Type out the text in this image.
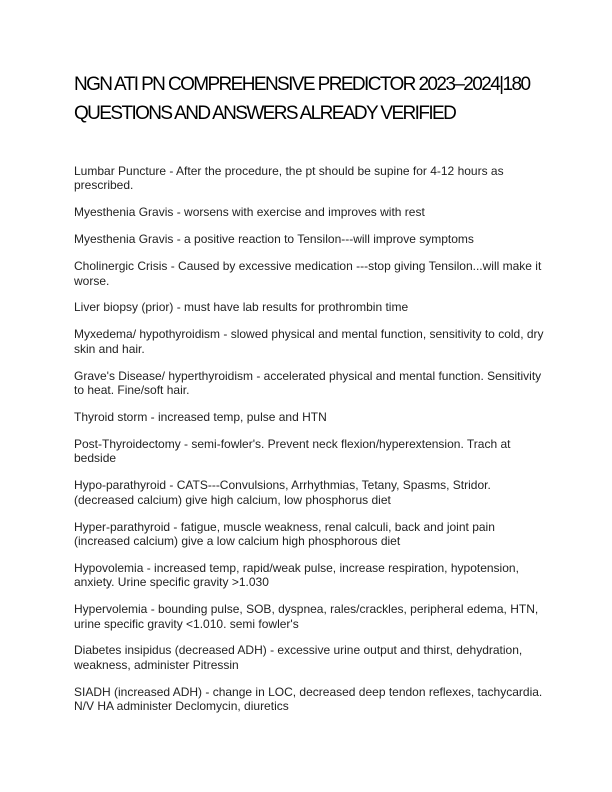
NGN ATI PN COMPREHENSIVE PREDICTOR 2023–2024|180 QUESTIONS AND ANSWERS ALREADY VERIFIED

Lumbar Puncture - After the procedure, the pt should be supine for 4-12 hours as prescribed.

Myesthenia Gravis - worsens with exercise and improves with rest

Myesthenia Gravis - a positive reaction to Tensilon---will improve symptoms

Cholinergic Crisis - Caused by excessive medication ---stop giving Tensilon...will make it worse.

Liver biopsy (prior) - must have lab results for prothrombin time

Myxedema/ hypothyroidism - slowed physical and mental function, sensitivity to cold, dry skin and hair.

Grave's Disease/ hyperthyroidism - accelerated physical and mental function. Sensitivity to heat. Fine/soft hair.

Thyroid storm - increased temp, pulse and HTN

Post-Thyroidectomy - semi-fowler's. Prevent neck flexion/hyperextension. Trach at bedside

Hypo-parathyroid - CATS---Convulsions, Arrhythmias, Tetany, Spasms, Stridor. (decreased calcium) give high calcium, low phosphorus diet

Hyper-parathyroid - fatigue, muscle weakness, renal calculi, back and joint pain (increased calcium) give a low calcium high phosphorous diet

Hypovolemia - increased temp, rapid/weak pulse, increase respiration, hypotension, anxiety. Urine specific gravity >1.030

Hypervolemia - bounding pulse, SOB, dyspnea, rales/crackles, peripheral edema, HTN, urine specific gravity <1.010. semi fowler's

Diabetes insipidus (decreased ADH) - excessive urine output and thirst, dehydration, weakness, administer Pitressin

SIADH (increased ADH) - change in LOC, decreased deep tendon reflexes, tachycardia. N/V HA administer Declomycin, diuretics
